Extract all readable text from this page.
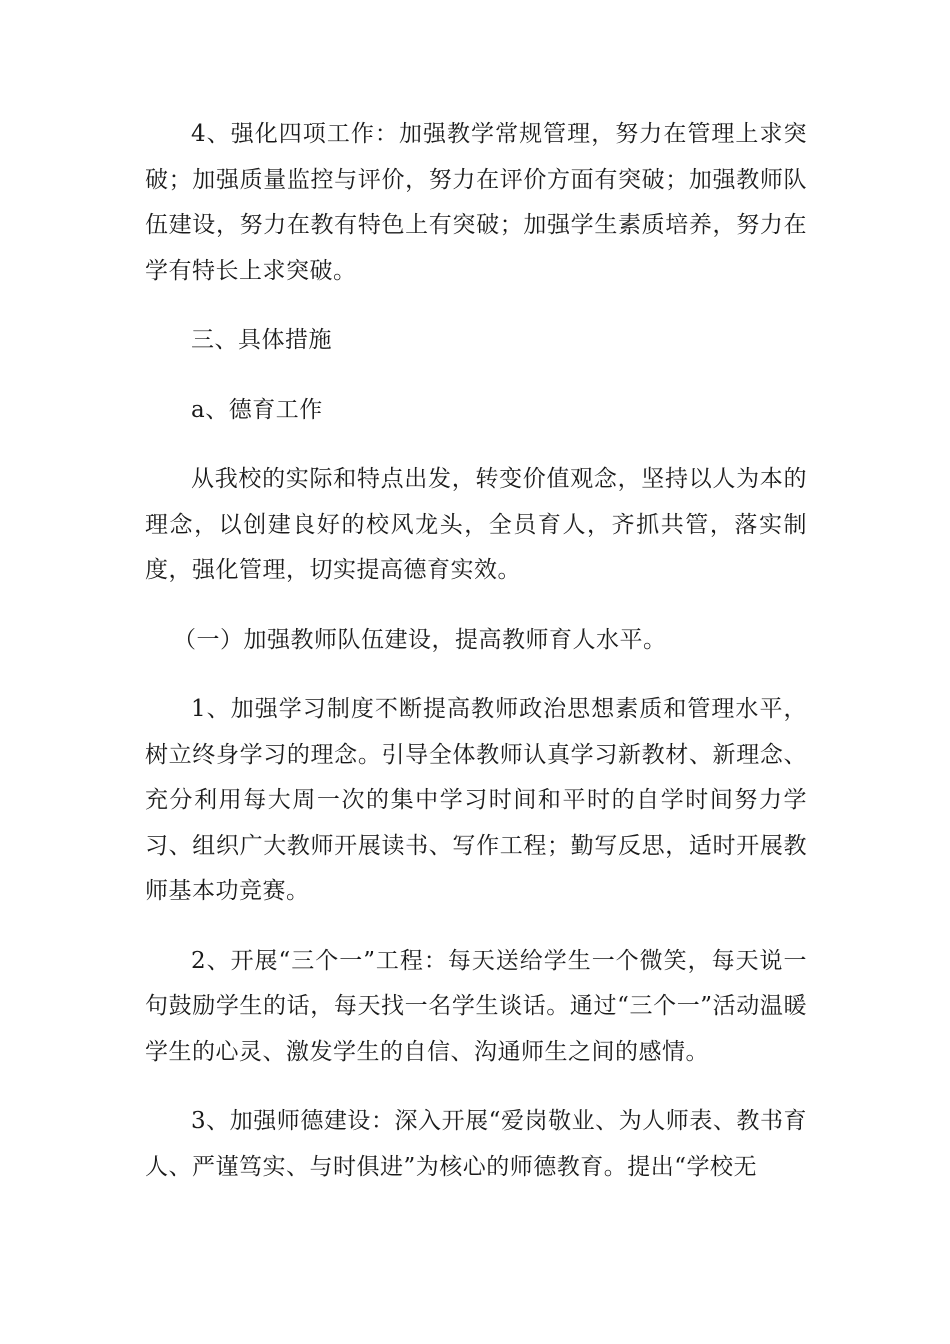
4、强化四项工作：加强教学常规管理，努力在管理上求突破；加强质量监控与评价，努力在评价方面有突破；加强教师队伍建设，努力在教有特色上有突破；加强学生素质培养，努力在学有特长上求突破。

三、具体措施

a、德育工作

从我校的实际和特点出发，转变价值观念，坚持以人为本的理念，以创建良好的校风龙头，全员育人，齐抓共管，落实制度，强化管理，切实提高德育实效。

（一）加强教师队伍建设，提高教师育人水平。

1、加强学习制度不断提高教师政治思想素质和管理水平，树立终身学习的理念。引导全体教师认真学习新教材、新理念、充分利用每大周一次的集中学习时间和平时的自学时间努力学习、组织广大教师开展读书、写作工程；勤写反思，适时开展教师基本功竞赛。

2、开展“三个一”工程：每天送给学生一个微笑，每天说一句鼓励学生的话，每天找一名学生谈话。通过“三个一”活动温暖学生的心灵、激发学生的自信、沟通师生之间的感情。

3、加强师德建设：深入开展“爱岗敬业、为人师表、教书育人、严谨笃实、与时俱进”为核心的师德教育。提出“学校无
